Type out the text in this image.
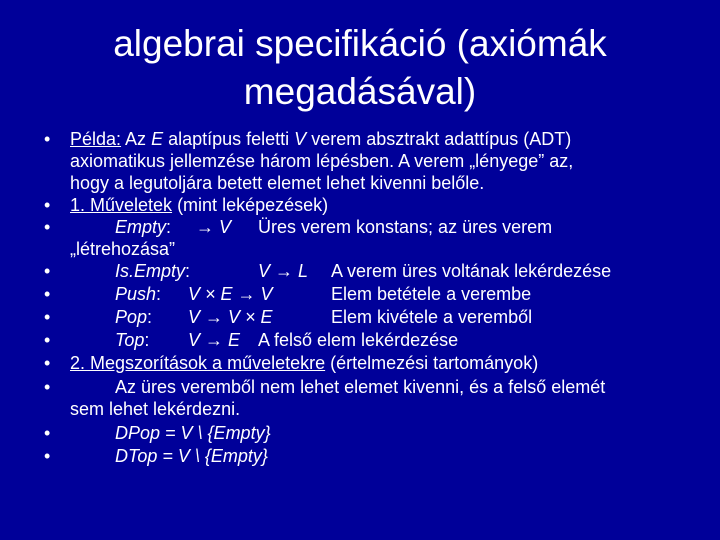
algebrai specifikáció (axiómák
megadásával)
• Példa: Az E alaptípus feletti V verem absztrakt adattípus (ADT)
axiomatikus jellemzése három lépésben. A verem „lényege” az,
hogy a legutoljára betett elemet lehet kivenni belőle.
• 1. Műveletek (mint leképezések)
•	Empty: → V Üres verem konstans; az üres verem
„létrehozása”
•	Is.Empty:	V → L A verem üres voltának lekérdezése
•	Push: V × E → V	Elem betétele a verembe
•	Pop: V → V × E	Elem kivétele a veremből
•	Top: V → E A felső elem lekérdezése
• 2. Megszorítások a műveletekre (értelmezési tartományok)
•	Az üres veremből nem lehet elemet kivenni, és a felső elemét
sem lehet lekérdezni.
•	DPop = V \ {Empty}
•	DTop = V \ {Empty}
